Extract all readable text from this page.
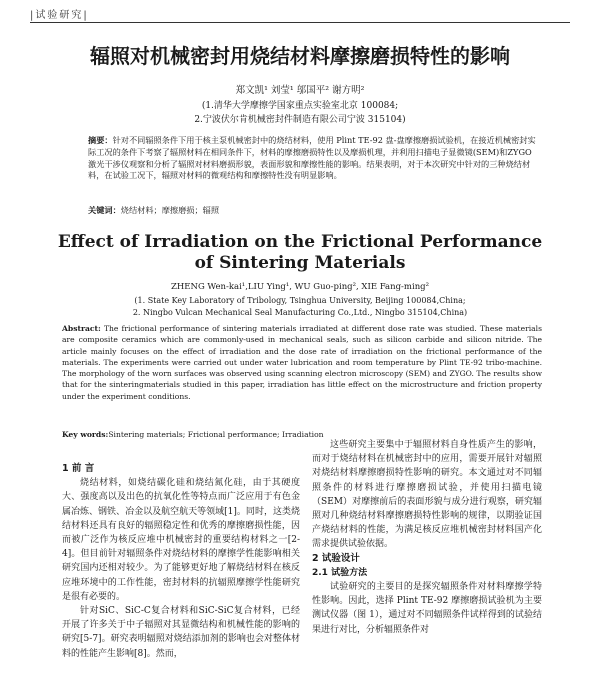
|试验研究|
辐照对机械密封用烧结材料摩擦磨损特性的影响
郑文凯¹ 刘莹¹ 邬国平² 谢方明²
(1.清华大学摩擦学国家重点实验室北京 100084;
2.宁波伏尔肯机械密封件制造有限公司宁波 315104)
摘要：针对不同辐照条件下用于核主泵机械密封中的烧结材料，使用 Plint TE-92 盘-盘摩擦磨损试验机，在接近机械密封实际工况的条件下考察了辐照材料在相同条件下，材料的摩擦磨损特性以及摩损机理，并利用扫描电子显微镜(SEM)和ZYGO 激光干涉仪观察和分析了辐照对材料磨损形貌，表面形貌和摩擦性能的影响。结果表明，对于本次研究中针对的三种烧结材料，在试验工况下，辐照对材料的微观结构和摩擦特性没有明显影响。
关键词：烧结材料；摩擦磨损；辐照
Effect of Irradiation on the Frictional Performance
of Sintering Materials
ZHENG Wen-kai¹,LIU Ying¹, WU Guo-ping², XIE Fang-ming²
(1. State Key Laboratory of Tribology, Tsinghua University, Beijing 100084,China;
2. Ningbo Vulcan Mechanical Seal Manufacturing Co.,Ltd., Ningbo 315104,China)
Abstract: The frictional performance of sintering materials irradiated at different dose rate was studied. These materials are composite ceramics which are commonly-used in mechanical seals, such as silicon carbide and silicon nitride. The article mainly focuses on the effect of irradiation and the dose rate of irradiation on the frictional performance of the materials. The experiments were carried out under water lubrication and room temperature by Plint TE-92 tribo-machine. The morphology of the worn surfaces was observed using scanning electron microscopy (SEM) and ZYGO. The results show that for the sinteringmaterials studied in this paper, irradiation has little effect on the microstructure and friction property under the experiment conditions.
Key words:Sintering materials; Frictional performance; Irradiation

1 前 言

烧结材料，如烧结碳化硅和烧结氮化硅，由于其硬度大、强度高以及出色的抗氧化性等特点而广泛应用于有色金属冶炼、钢铁、冶金以及航空航天等领域[1]。同时，这类烧结材料还具有良好的辐照稳定性和优秀的摩擦磨损性能，因而被广泛作为核反应堆中机械密封的重要结构材料之一[2-4]。但目前针对辐照条件对烧结材料的摩擦学性能影响相关研究国内还相对较少。为了能够更好地了解烧结材料在核反应堆环境中的工作性能，密封材料的抗辐照摩擦学性能研究是很有必要的。

针对SiC、SiC-C复合材料和SiC-SiC复合材料，已经开展了许多关于中子辐照对其显微结构和机械性能的影响的研究[5-7]。研究表明辐照对烧结添加剂的影响也会对整体材料的性能产生影响[8]。然而，

这些研究主要集中于辐照材料自身性质产生的影响，而对于烧结材料在机械密封中的应用，需要开展针对辐照对烧结材料摩擦磨损特性影响的研究。本文通过对不同辐照条件的材料进行摩擦磨损试验，并使用扫描电镜（SEM）对摩擦前后的表面形貌与成分进行观察，研究辐照对几种烧结材料摩擦磨损特性影响的规律，以期验证国产烧结材料的性能，为满足核反应堆机械密封材料国产化需求提供试验依据。

2 试验设计

2.1 试验方法

试验研究的主要目的是探究辐照条件对材料摩擦学特性影响。因此，选择 Plint TE-92 摩擦磨损试验机为主要测试仪器（图 1），通过对不同辐照条件试样得到的试验结果进行对比，分析辐照条件对
